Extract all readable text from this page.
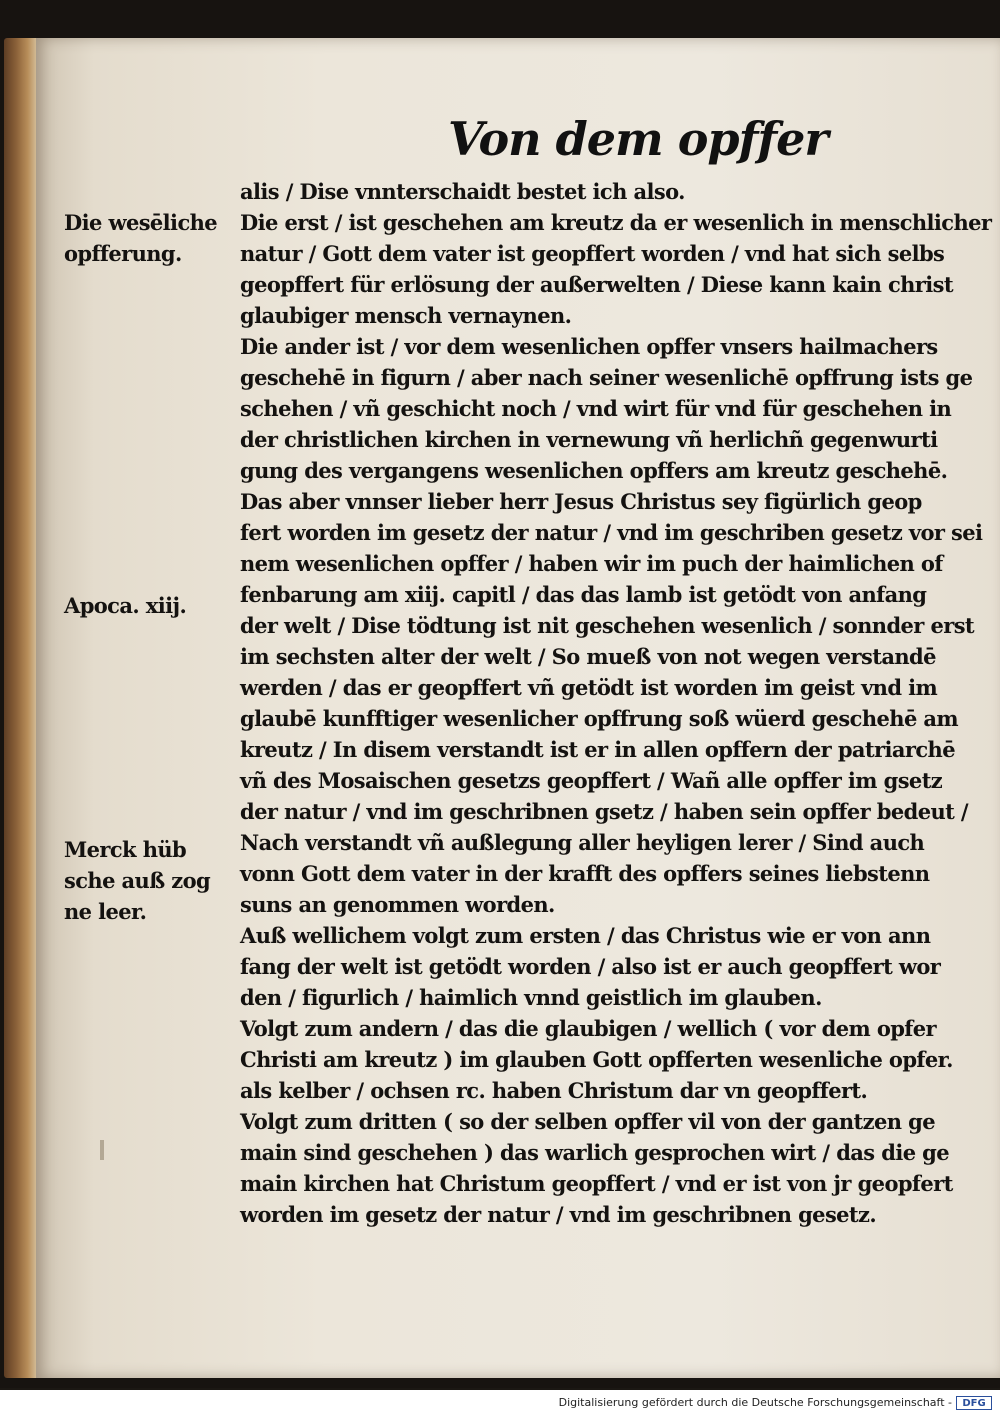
Von dem opffer
alis / Dise vnnterschaidt bestet ich also.
Die erst / ist geschehen am kreutz da er wesenlich in menschlicher
natur / Gott dem vater ist geopffert worden / vnd hat sich selbs
geopffert für erlösung der außerwelten / Diese kann kain christ
glaubiger mensch vernaynen.
Die ander ist / vor dem wesenlichen opffer vnsers hailmachers
geschehē in figurn / aber nach seiner wesenlichē opffrung ists ge
schehen / vñ geschicht noch / vnd wirt für vnd für geschehen in
der christlichen kirchen in vernewung vñ herlichñ gegenwurti
gung des vergangens wesenlichen opffers am kreutz geschehē.
Das aber vnnser lieber herr Jesus Christus sey figürlich geop
fert worden im gesetz der natur / vnd im geschriben gesetz vor sei
nem wesenlichen opffer / haben wir im puch der haimlichen of
fenbarung am xiij. capitl / das das lamb ist getödt von anfang
der welt / Dise tödtung ist nit geschehen wesenlich / sonnder erst
im sechsten alter der welt / So mueß von not wegen verstandē
werden / das er geopffert vñ getödt ist worden im geist vnd im
glaubē kunfftiger wesenlicher opffrung soß wüerd geschehē am
kreutz / In disem verstandt ist er in allen opffern der patriarchē
vñ des Mosaischen gesetzs geopffert / Wañ alle opffer im gsetz
der natur / vnd im geschribnen gsetz / haben sein opffer bedeut /
Nach verstandt vñ außlegung aller heyligen lerer / Sind auch
vonn Gott dem vater in der krafft des opffers seines liebstenn
suns an genommen worden.
Auß wellichem volgt zum ersten / das Christus wie er von ann
fang der welt ist getödt worden / also ist er auch geopffert wor
den / figurlich / haimlich vnnd geistlich im glauben.
Volgt zum andern / das die glaubigen / wellich ( vor dem opfer
Christi am kreutz ) im glauben Gott opfferten wesenliche opfer.
als kelber / ochsen rc. haben Christum dar vn geopffert.
Volgt zum dritten ( so der selben opffer vil von der gantzen ge
main sind geschehen ) das warlich gesprochen wirt / das die ge
main kirchen hat Christum geopffert / vnd er ist von jr geopfert
worden im gesetz der natur / vnd im geschribnen gesetz.
Die wesēliche
opfferung.
Apoca. xiij.
Merck hüb
sche auß zog
ne leer.
Digitalisierung gefördert durch die Deutsche Forschungsgemeinschaft -	DFG
